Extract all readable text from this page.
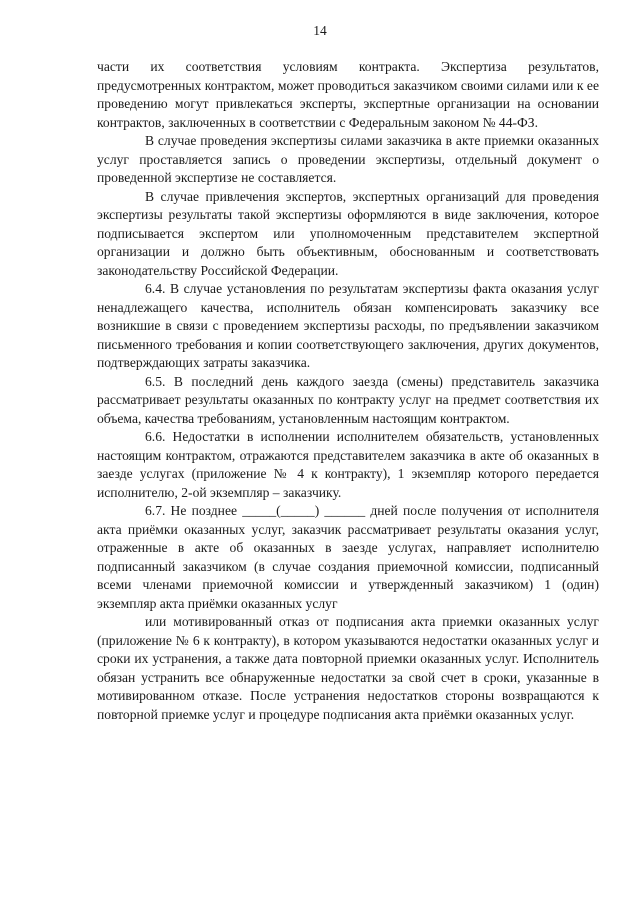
14

части их соответствия условиям контракта. Экспертиза результатов, предусмотренных контрактом, может проводиться заказчиком своими силами или к ее проведению могут привлекаться эксперты, экспертные организации на основании контрактов, заключенных в соответствии с Федеральным законом № 44-ФЗ.

В случае проведения экспертизы силами заказчика в акте приемки оказанных услуг проставляется запись о проведении экспертизы, отдельный документ о проведенной экспертизе не составляется.

В случае привлечения экспертов, экспертных организаций для проведения экспертизы результаты такой экспертизы оформляются в виде заключения, которое подписывается экспертом или уполномоченным представителем экспертной организации и должно быть объективным, обоснованным и соответствовать законодательству Российской Федерации.

6.4. В случае установления по результатам экспертизы факта оказания услуг ненадлежащего качества, исполнитель обязан компенсировать заказчику все возникшие в связи с проведением экспертизы расходы, по предъявлении заказчиком письменного требования и копии соответствующего заключения, других документов, подтверждающих затраты заказчика.

6.5. В последний день каждого заезда (смены) представитель заказчика рассматривает результаты оказанных по контракту услуг на предмет соответствия их объема, качества требованиям, установленным настоящим контрактом.

6.6. Недостатки в исполнении исполнителем обязательств, установленных настоящим контрактом, отражаются представителем заказчика в акте об оказанных в заезде услугах (приложение № 4 к контракту), 1 экземпляр которого передается исполнителю, 2-ой экземпляр – заказчику.

6.7. Не позднее _____(_____) ______ дней после получения от исполнителя акта приёмки оказанных услуг, заказчик рассматривает результаты оказания услуг, отраженные в акте об оказанных в заезде услугах, направляет исполнителю подписанный заказчиком (в случае создания приемочной комиссии, подписанный всеми членами приемочной комиссии и утвержденный заказчиком) 1 (один) экземпляр акта приёмки оказанных услуг

или мотивированный отказ от подписания акта приемки оказанных услуг (приложение № 6 к контракту), в котором указываются недостатки оказанных услуг и сроки их устранения, а также дата повторной приемки оказанных услуг. Исполнитель обязан устранить все обнаруженные недостатки за свой счет в сроки, указанные в мотивированном отказе. После устранения недостатков стороны возвращаются к повторной приемке услуг и процедуре подписания акта приёмки оказанных услуг.
